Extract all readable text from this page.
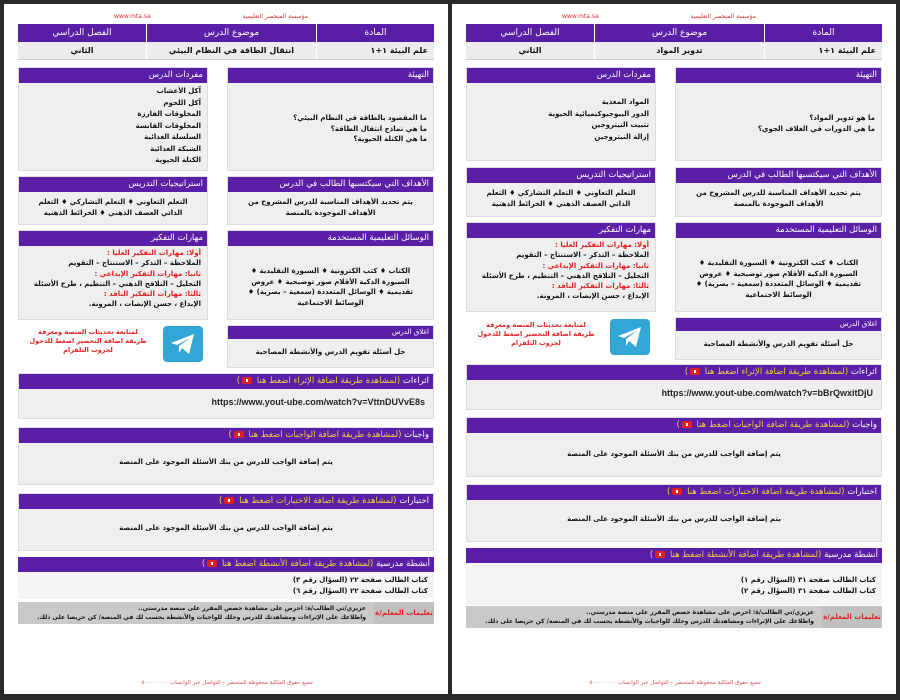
مؤسسة المتحضر التعليمية
www.mta.sa
المادة
علم البيئة ١+١
موضوع الدرس
انتقال الطاقة في النظام البيئي
الفصل الدراسي
الثاني
التهيئة
ما المقصود بالطاقة في النظام البيئي؟
ما هي نماذج انتقال الطاقة؟
ما هي الكتلة الحيوية؟
مفردات الدرس
آكل الأعشاب
آكل اللحوم
المخلوقات الفارزة
المخلوقات القانسة
السلسلة الغذائية
الشبكة الغذائية
الكتلة الحيوية
الأهداف التي سيكتسبها الطالب في الدرس
يتم تحديد الأهداف المناسبة للدرس المشروح من الأهداف الموجودة بالمنصة
استراتيجيات التدريس
التعلم التعاوني ♦ التعلم التشاركي ♦ التعلم الذاتي العصف الذهني ♦ الخرائط الذهنية
الوسائل التعليمية المستخدمة
الكتاب ♦ كتب الكترونية ♦ السبورة التقليدية ♦ السبورة الذكية الأقلام صور توضيحية ♦ عروض تقديمية ♦ الوسائل المتعددة (سمعية – بصرية) ♦ الوسائط الاجتماعية
مهارات التفكير
أولا: مهارات التفكير العليا :
الملاحظة – التذكر – الاستنتاج – التقويم
ثانيا: مهارات التفكير الإبداعي :
التحليل – التلاقح الذهني – التنظيم ، طرح الأسئلة
ثالثا: مهارات التفكير الناقد :
الإبداع ، حسن الإنصات ، المرونة.
اغلاق الدرس
حل أسئلة تقويم الدرس والأنشطة المصاحبة
لمتابعة تحديثات المنصة ومعرفة طريقة اضافة التحضير اضغط للدخول لجروب التلقرام
اثراءات (لمشاهدة طريقة اضافة الإثراء اضغط هنا )
https://www.yout-ube.com/watch?v=VttnDUVvE8s
واجبات (لمشاهدة طريقة اضافة الواجبات اضغط هنا )
يتم إضافة الواجب للدرس من بنك الأسئلة الموجود على المنصة
اختبارات (لمشاهدة طريقة اضافة الاختبارات اضغط هنا )
يتم إضافة الواجب للدرس من بنك الأسئلة الموجود على المنصة
أنشطة مدرسية (لمشاهدة طريقة اضافة الأنشطة اضغط هنا )
كتاب الطالب صفحة ٢٢ (السؤال رقم ٣)
كتاب الطالب صفحة ٢٢ (السؤال رقم ٦)
تعليمات المعلم/ة
عزيزي/تي الطالب/ة: احرص على مشاهدة حصص المقرر على منصة مدرستي..
واطلاعك على الإثراءات ومشاهدتك للدرس وحلك للواجبات والأنشطة يحسب لك في المنصة/ كن حريصا على ذلك.
جميع حقوق الملكية محفوظة للمتحضر – للتواصل عبر الواتساب ٠٥٠٠٠٠٠٠٠٠
مؤسسة المتحضر التعليمية
www.mta.sa
المادة
علم البيئة ١+١
موضوع الدرس
تدوير المواد
الفصل الدراسي
الثاني
التهيئة
ما هو تدوير المواد؟
ما هي الدورات في الغلاف الجوي؟
مفردات الدرس
المواد المغذية
الدور البيوجيوكيميائية الحيوية
تثبيت النيتروجين
إزالة النيتروجين
الأهداف التي سيكتسبها الطالب في الدرس
يتم تحديد الأهداف المناسبة للدرس المشروح من الأهداف الموجودة بالمنصة
استراتيجيات التدريس
التعلم التعاوني ♦ التعلم التشاركي ♦ التعلم الذاتي العصف الذهني ♦ الخرائط الذهنية
الوسائل التعليمية المستخدمة
الكتاب ♦ كتب الكترونية ♦ السبورة التقليدية ♦ السبورة الذكية الأقلام صور توضيحية ♦ عروض تقديمية ♦ الوسائل المتعددة (سمعية – بصرية) ♦ الوسائط الاجتماعية
مهارات التفكير
أولا: مهارات التفكير العليا :
الملاحظة – التذكر – الاستنتاج – التقويم
ثانيا: مهارات التفكير الإبداعي :
التحليل – التلاقح الذهني – التنظيم ، طرح الأسئلة
ثالثا: مهارات التفكير الناقد :
الإبداع ، حسن الإنصات ، المرونة.
اغلاق الدرس
حل أسئلة تقويم الدرس والأنشطة المصاحبة
لمتابعة تحديثات المنصة ومعرفة طريقة اضافة التحضير اضغط للدخول لجروب التلقرام
اثراءات (لمشاهدة طريقة اضافة الإثراء اضغط هنا )
https://www.yout-ube.com/watch?v=bBrQwxitDjU
واجبات (لمشاهدة طريقة اضافة الواجبات اضغط هنا )
يتم إضافة الواجب للدرس من بنك الأسئلة الموجود على المنصة
اختبارات (لمشاهدة طريقة اضافة الاختبارات اضغط هنا )
يتم إضافة الواجب للدرس من بنك الأسئلة الموجود على المنصة
أنشطة مدرسية (لمشاهدة طريقة اضافة الأنشطة اضغط هنا )
كتاب الطالب صفحة ٣١ (السؤال رقم ١)
كتاب الطالب صفحة ٣١ (السؤال رقم ٢)
تعليمات المعلم/ة
عزيزي/تي الطالب/ة: احرص على مشاهدة حصص المقرر على منصة مدرستي..
واطلاعك على الإثراءات ومشاهدتك للدرس وحلك للواجبات والأنشطة يحسب لك في المنصة/ كن حريصا على ذلك.
جميع حقوق الملكية محفوظة للمتحضر – للتواصل عبر الواتساب ٠٥٠٠٠٠٠٠٠٠
